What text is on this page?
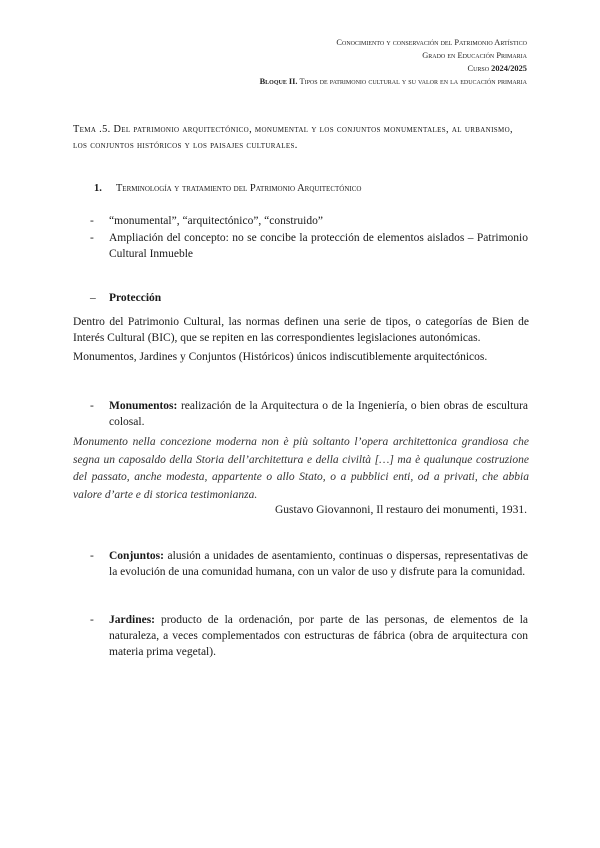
Conocimiento y conservación del Patrimonio Artístico
Grado en Educación Primaria
Curso 2024/2025
Bloque II. Tipos de patrimonio cultural y su valor en la educación primaria
Tema .5. Del patrimonio arquitectónico, monumental y los conjuntos monumentales, al urbanismo, los conjuntos históricos y los paisajes culturales.
1. Terminología y tratamiento del Patrimonio Arquitectónico
- “monumental”, “arquitectónico”, “construido”
- Ampliación del concepto: no se concibe la protección de elementos aislados – Patrimonio Cultural Inmueble
– Protección
Dentro del Patrimonio Cultural, las normas definen una serie de tipos, o categorías de Bien de Interés Cultural (BIC), que se repiten en las correspondientes legislaciones autonómicas.
Monumentos, Jardines y Conjuntos (Históricos) únicos indiscutiblemente arquitectónicos.
- Monumentos: realización de la Arquitectura o de la Ingeniería, o bien obras de escultura colosal.
Monumento nella concezione moderna non è più soltanto l’opera architettonica grandiosa che segna un caposaldo della Storia dell’architettura e della civiltà […] ma è qualunque costruzione del passato, anche modesta, appartente o allo Stato, o a pubblici enti, od a privati, che abbia valore d’arte e di storica testimonianza.
Gustavo Giovannoni, Il restauro dei monumenti, 1931.
- Conjuntos: alusión a unidades de asentamiento, continuas o dispersas, representativas de la evolución de una comunidad humana, con un valor de uso y disfrute para la comunidad.
- Jardines: producto de la ordenación, por parte de las personas, de elementos de la naturaleza, a veces complementados con estructuras de fábrica (obra de arquitectura con materia prima vegetal).
